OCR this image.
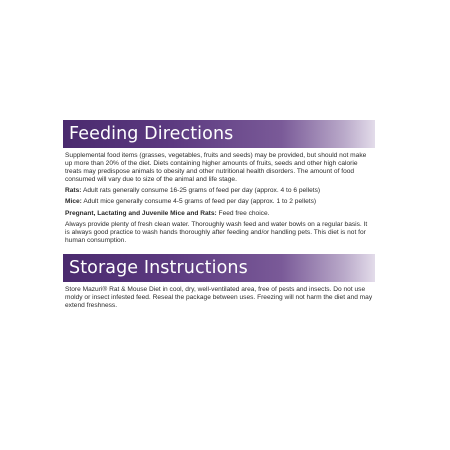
Feeding Directions

Supplemental food items (grasses, vegetables, fruits and seeds) may be provided, but should not make up more than 20% of the diet. Diets containing higher amounts of fruits, seeds and other high calorie treats may predispose animals to obesity and other nutritional health disorders. The amount of food consumed will vary due to size of the animal and life stage.

Rats: Adult rats generally consume 16-25 grams of feed per day (approx. 4 to 6 pellets)

Mice: Adult mice generally consume 4-5 grams of feed per day (approx. 1 to 2 pellets)

Pregnant, Lactating and Juvenile Mice and Rats: Feed free choice.

Always provide plenty of fresh clean water. Thoroughly wash feed and water bowls on a regular basis. It is always good practice to wash hands thoroughly after feeding and/or handling pets. This diet is not for human consumption.

Storage Instructions

Store Mazuri® Rat & Mouse Diet in cool, dry, well-ventilated area, free of pests and insects. Do not use moldy or insect infested feed. Reseal the package between uses. Freezing will not harm the diet and may extend freshness.
